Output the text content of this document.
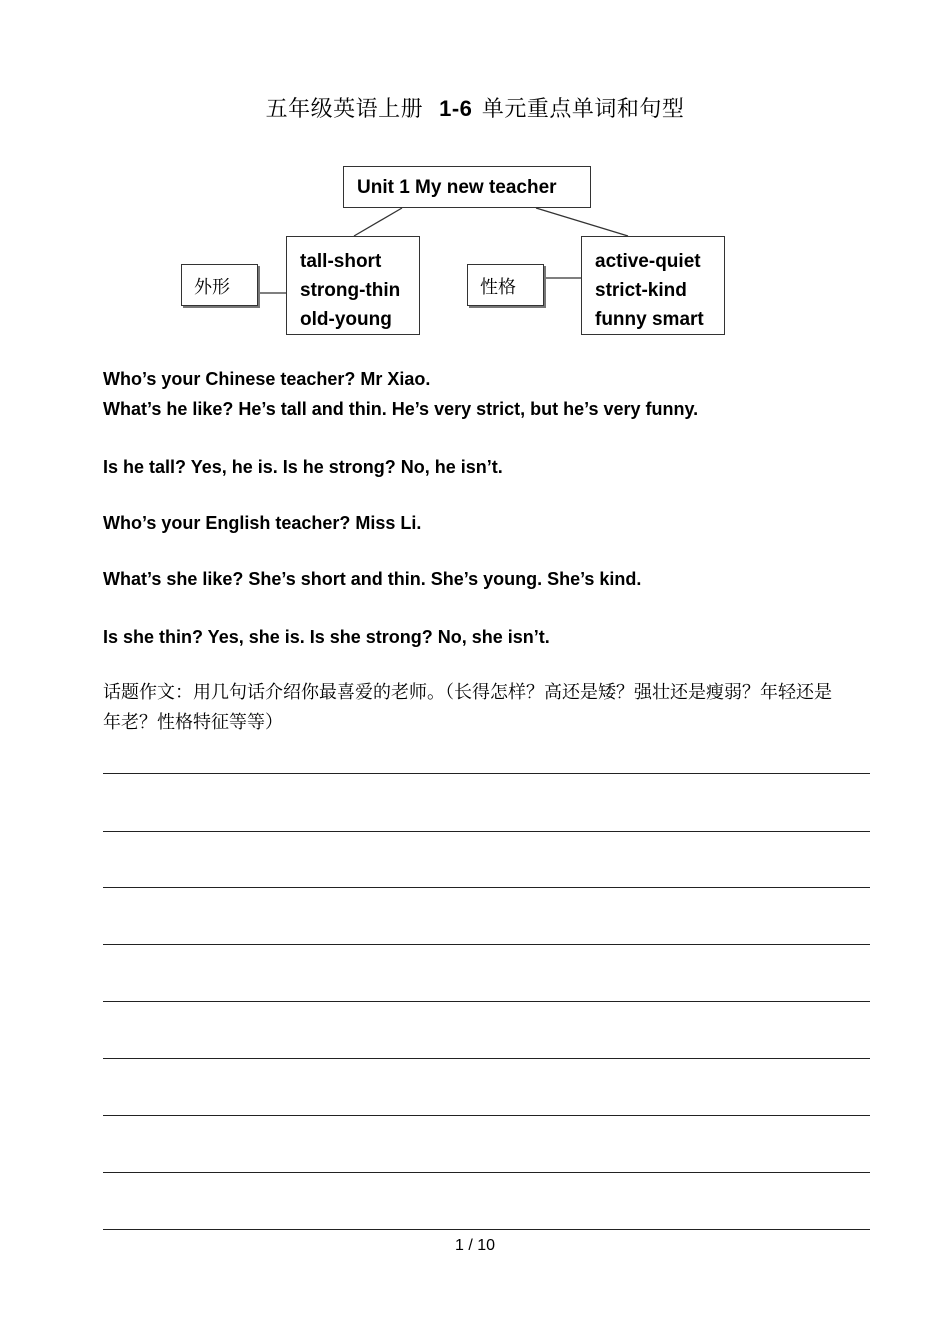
五年级英语上册 1-6 单元重点单词和句型
Unit 1 My new teacher
外形
tall-short
strong-thin
old-young
性格
active-quiet
strict-kind
funny smart
Who’s your Chinese teacher? Mr Xiao.
What’s he like? He’s tall and thin. He’s very strict, but he’s very funny.
Is he tall? Yes, he is. Is he strong? No, he isn’t.
Who’s your English teacher? Miss Li.
What’s she like? She’s short and thin. She’s young. She’s kind.
Is she thin? Yes, she is. Is she strong? No, she isn’t.
话题作文：用几句话介绍你最喜爱的老师。（长得怎样？高还是矮？强壮还是瘦弱？年轻还是年老？性格特征等等）
1 / 10
